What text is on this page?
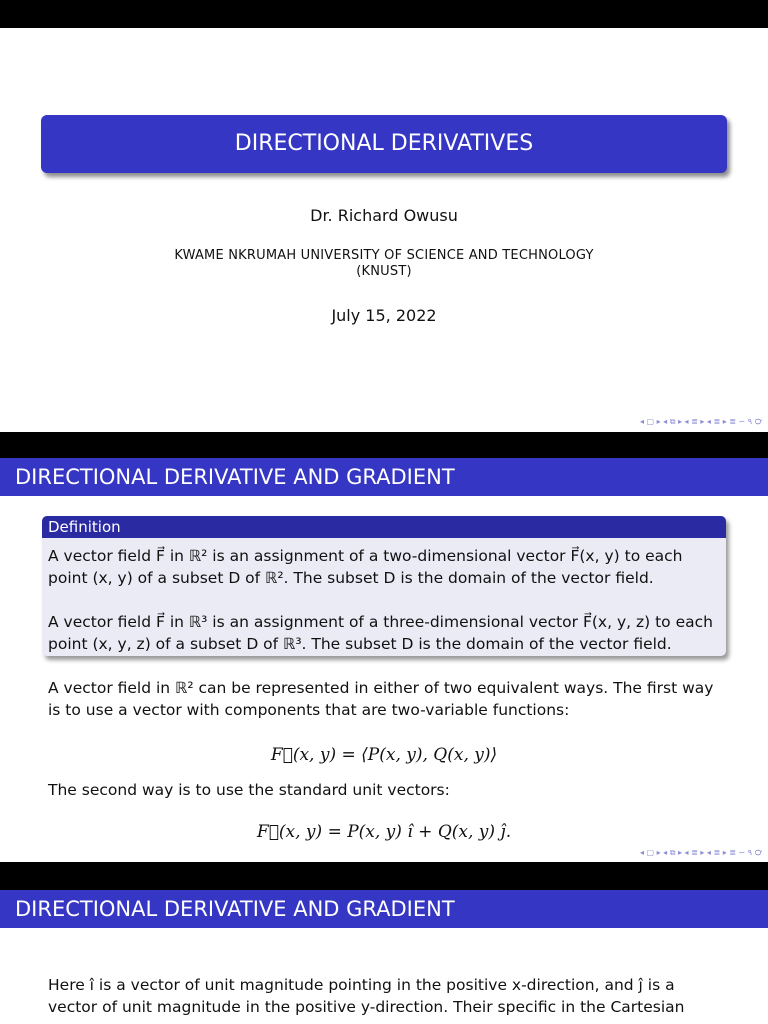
DIRECTIONAL DERIVATIVES
Dr. Richard Owusu
KWAME NKRUMAH UNIVERSITY OF SCIENCE AND TECHNOLOGY
(KNUST)
July 15, 2022
◂ ▢ ▸ ◂ ⧉ ▸ ◂ ≣ ▸ ◂ ≣ ▸ ≣ ∽ ۹ ℺
DIRECTIONAL DERIVATIVE AND GRADIENT
Definition
A vector field F⃗ in ℝ² is an assignment of a two-dimensional vector F⃗(x, y) to each point (x, y) of a subset D of ℝ². The subset D is the domain of the vector field.
A vector field F⃗ in ℝ³ is an assignment of a three-dimensional vector F⃗(x, y, z) to each point (x, y, z) of a subset D of ℝ³. The subset D is the domain of the vector field.
A vector field in ℝ² can be represented in either of two equivalent ways. The first way is to use a vector with components that are two-variable functions:
F⃗(x, y) = ⟨P(x, y), Q(x, y)⟩
The second way is to use the standard unit vectors:
F⃗(x, y) = P(x, y) î + Q(x, y) ĵ.
◂ ▢ ▸ ◂ ⧉ ▸ ◂ ≣ ▸ ◂ ≣ ▸ ≣ ∽ ۹ ℺
DIRECTIONAL DERIVATIVE AND GRADIENT
Here î is a vector of unit magnitude pointing in the positive x-direction, and ĵ is a vector of unit magnitude in the positive y-direction. Their specific in the Cartesian
